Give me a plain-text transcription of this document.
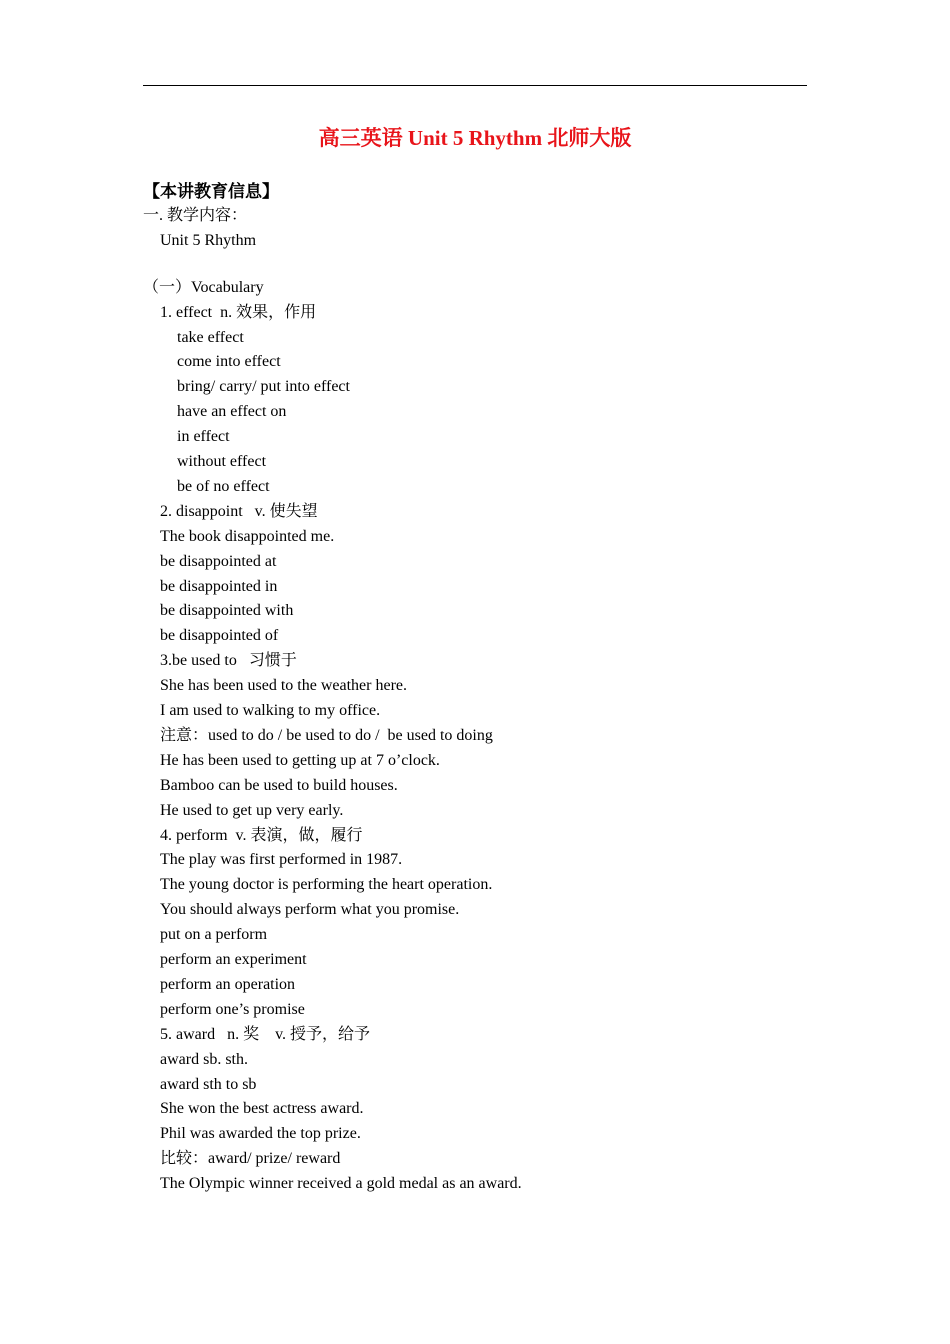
高三英语 Unit 5 Rhythm 北师大版
【本讲教育信息】
一. 教学内容：
Unit 5 Rhythm
（一）Vocabulary
1. effect  n. 效果，作用
take effect
come into effect
bring/ carry/ put into effect
have an effect on
in effect
without effect
be of no effect
2. disappoint   v. 使失望
The book disappointed me.
be disappointed at
be disappointed in
be disappointed with
be disappointed of
3.be used to   习惯于
She has been used to the weather here.
I am used to walking to my office.
注意：used to do / be used to do /  be used to doing
He has been used to getting up at 7 o’clock.
Bamboo can be used to build houses.
He used to get up very early.
4. perform  v. 表演，做，履行
The play was first performed in 1987.
The young doctor is performing the heart operation.
You should always perform what you promise.
put on a perform
perform an experiment
perform an operation
perform one’s promise
5. award   n. 奖    v. 授予，给予
award sb. sth.
award sth to sb
She won the best actress award.
Phil was awarded the top prize.
比较：award/ prize/ reward
The Olympic winner received a gold medal as an award.
